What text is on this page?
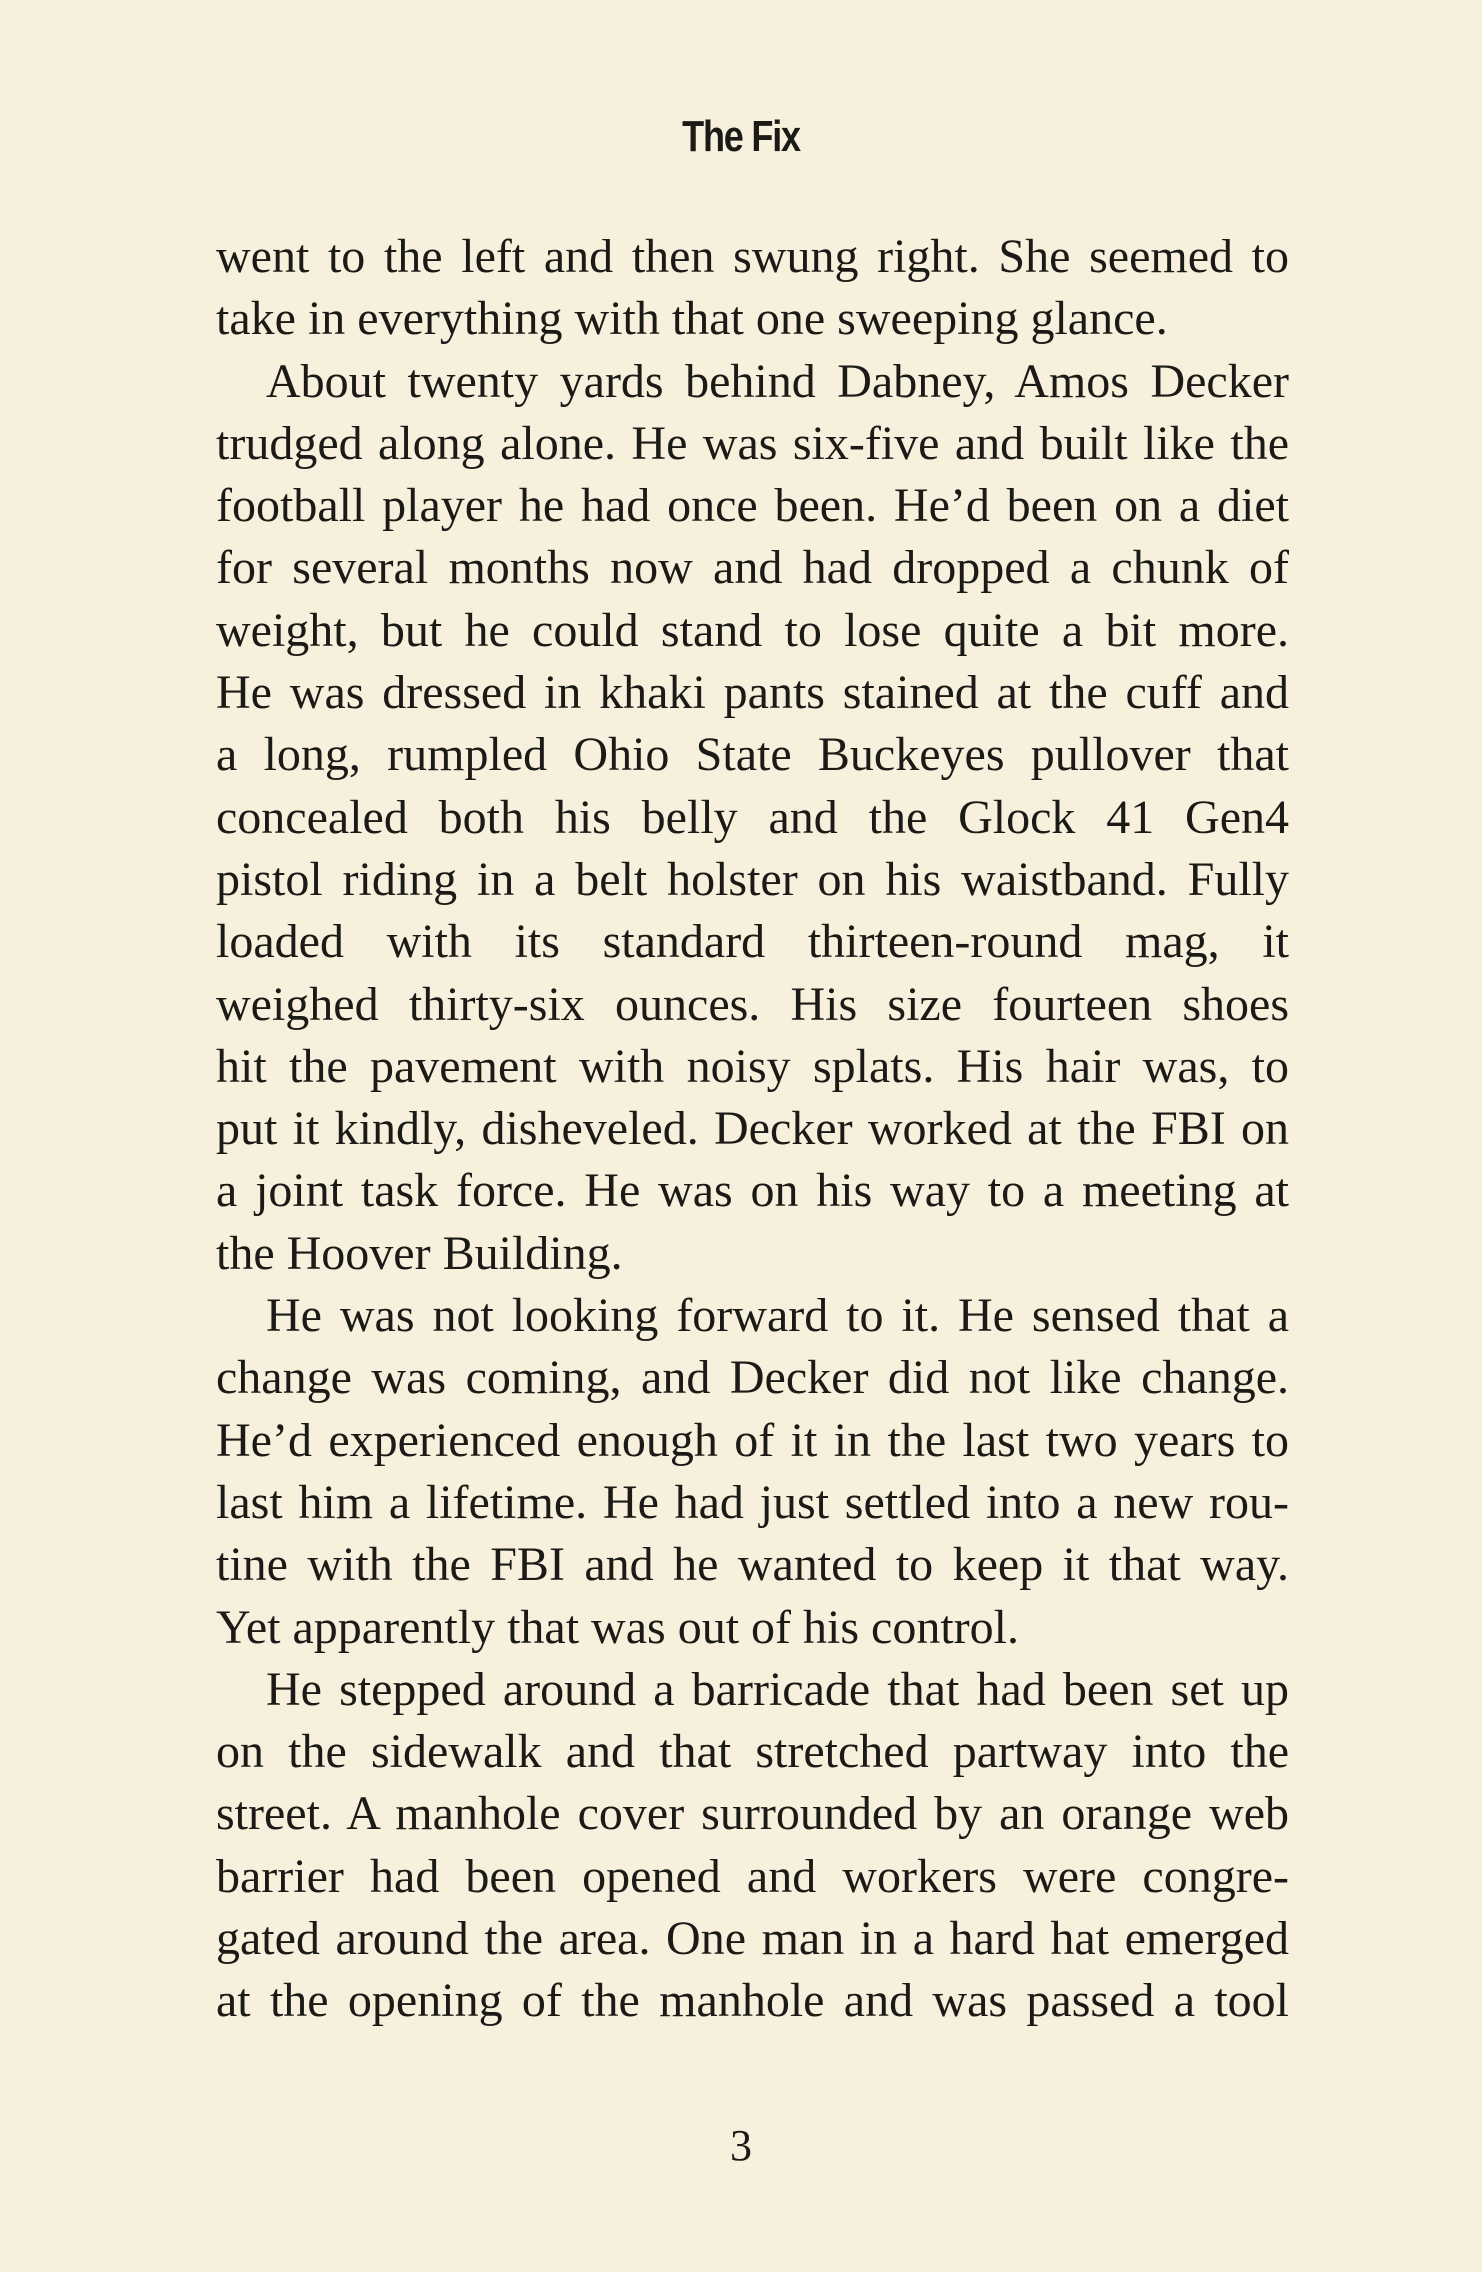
The Fix
went to the left and then swung right. She seemed to
take in everything with that one sweeping glance.
About twenty yards behind Dabney, Amos Decker
trudged along alone. He was six-five and built like the
football player he had once been. He’d been on a diet
for several months now and had dropped a chunk of
weight, but he could stand to lose quite a bit more.
He was dressed in khaki pants stained at the cuff and
a long, rumpled Ohio State Buckeyes pullover that
concealed both his belly and the Glock 41 Gen4
pistol riding in a belt holster on his waistband. Fully
loaded with its standard thirteen-round mag, it
weighed thirty-six ounces. His size fourteen shoes
hit the pavement with noisy splats. His hair was, to
put it kindly, disheveled. Decker worked at the FBI on
a joint task force. He was on his way to a meeting at
the Hoover Building.
He was not looking forward to it. He sensed that a
change was coming, and Decker did not like change.
He’d experienced enough of it in the last two years to
last him a lifetime. He had just settled into a new rou-
tine with the FBI and he wanted to keep it that way.
Yet apparently that was out of his control.
He stepped around a barricade that had been set up
on the sidewalk and that stretched partway into the
street. A manhole cover surrounded by an orange web
barrier had been opened and workers were congre-
gated around the area. One man in a hard hat emerged
at the opening of the manhole and was passed a tool
3
